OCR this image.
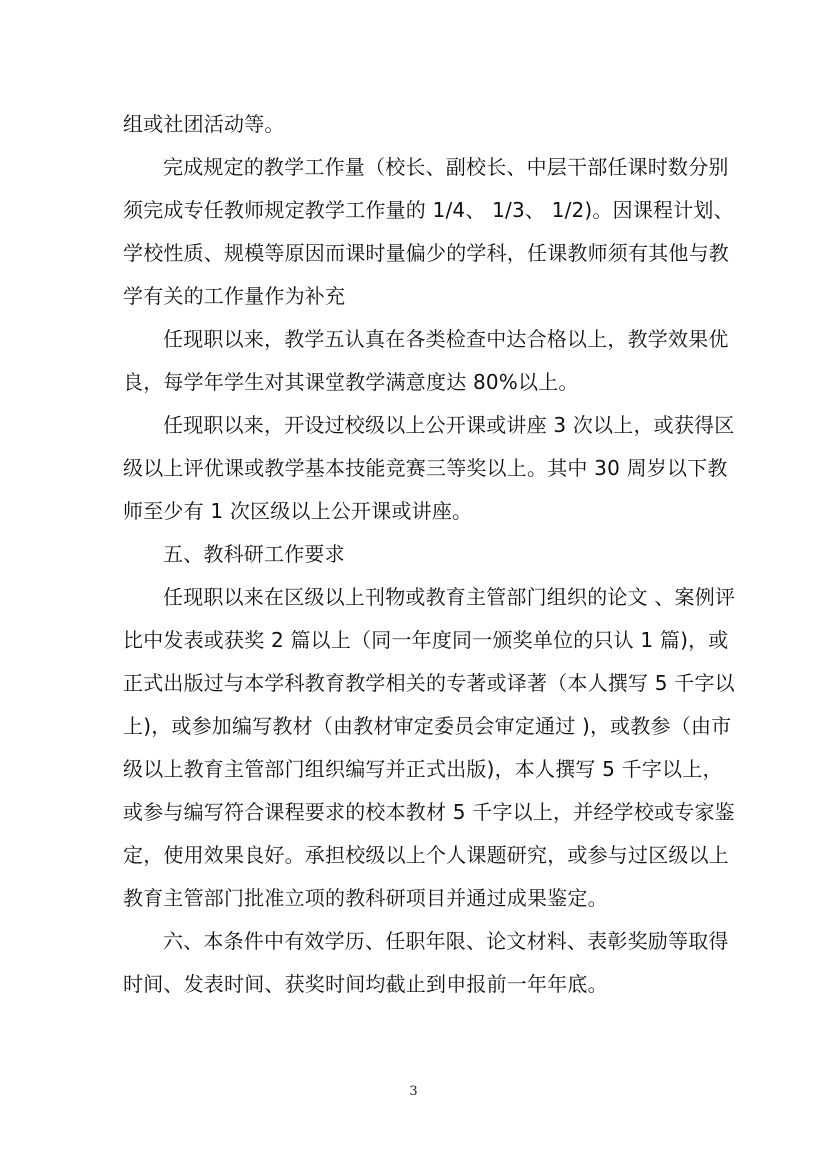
组或社团活动等。
完成规定的教学工作量（校长、副校长、中层干部任课时数分别
须完成专任教师规定教学工作量的 1/4、 1/3、 1/2)。因课程计划、
学校性质、规模等原因而课时量偏少的学科，任课教师须有其他与教
学有关的工作量作为补充
任现职以来，教学五认真在各类检查中达合格以上，教学效果优
良，每学年学生对其课堂教学满意度达 80%以上。
任现职以来，开设过校级以上公开课或讲座 3 次以上，或获得区
级以上评优课或教学基本技能竞赛三等奖以上。其中 30 周岁以下教
师至少有 1 次区级以上公开课或讲座。
五、教科研工作要求
任现职以来在区级以上刊物或教育主管部门组织的论文 、案例评
比中发表或获奖 2 篇以上（同一年度同一颁奖单位的只认 1 篇)，或
正式出版过与本学科教育教学相关的专著或译著（本人撰写 5 千字以
上)，或参加编写教材（由教材审定委员会审定通过 )，或教参（由市
级以上教育主管部门组织编写并正式出版)，本人撰写 5 千字以上，
或参与编写符合课程要求的校本教材 5 千字以上，并经学校或专家鉴
定，使用效果良好。承担校级以上个人课题研究，或参与过区级以上
教育主管部门批准立项的教科研项目并通过成果鉴定。
六、本条件中有效学历、任职年限、论文材料、表彰奖励等取得
时间、发表时间、获奖时间均截止到申报前一年年底。
3
